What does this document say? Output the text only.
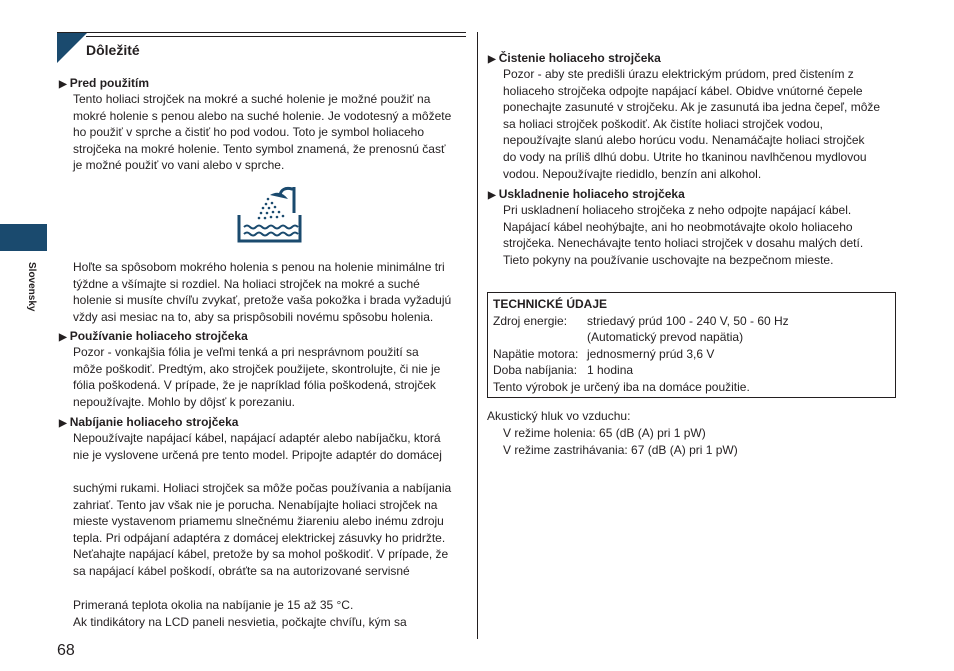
Slovensky
Dôležité
▶ Pred použitím
Tento holiaci strojček na mokré a suché holenie je možné použiť na
mokré holenie s penou alebo na suché holenie. Je vodotesný a môžete
ho použiť v sprche a čistiť ho pod vodou. Toto je symbol holiaceho
strojčeka na mokré holenie. Tento symbol znamená, že prenosnú časť
je možné použiť vo vani alebo v sprche.
Hoľte sa spôsobom mokrého holenia s penou na holenie minimálne tri
týždne a všímajte si rozdiel. Na holiaci strojček na mokré a suché
holenie si musíte chvíľu zvykať, pretože vaša pokožka i brada vyžadujú
vždy asi mesiac na to, aby sa prispôsobili novému spôsobu holenia.
▶ Používanie holiaceho strojčeka
Pozor - vonkajšia fólia je veľmi tenká a pri nesprávnom použití sa
môže poškodiť. Predtým, ako strojček použijete, skontrolujte, či nie je
fólia poškodená. V prípade, že je napríklad fólia poškodená, strojček
nepoužívajte. Mohlo by dôjsť k porezaniu.
▶ Nabíjanie holiaceho strojčeka
Nepoužívajte napájací kábel, napájací adaptér alebo nabíjačku, ktorá
nie je vyslovene určená pre tento model. Pripojte adaptér do domácej
suchými rukami. Holiaci strojček sa môže počas používania a nabíjania
zahriať. Tento jav však nie je porucha. Nenabíjajte holiaci strojček na
mieste vystavenom priamemu slnečnému žiareniu alebo inému zdroju
tepla. Pri odpájaní adaptéra z domácej elektrickej zásuvky ho pridržte.
Neťahajte napájací kábel, pretože by sa mohol poškodiť. V prípade, že
sa napájací kábel poškodí, obráťte sa na autorizované servisné
Primeraná teplota okolia na nabíjanie je 15 až 35 °C.
Ak tindikátory na LCD paneli nesvietia, počkajte chvíľu, kým sa
68
▶ Čistenie holiaceho strojčeka
Pozor - aby ste predišli úrazu elektrickým prúdom, pred čistením z
holiaceho strojčeka odpojte napájací kábel. Obidve vnútorné čepele
ponechajte zasunuté v strojčeku. Ak je zasunutá iba jedna čepeľ, môže
sa holiaci strojček poškodiť. Ak čistíte holiaci strojček vodou,
nepoužívajte slanú alebo horúcu vodu. Nenamáčajte holiaci strojček
do vody na príliš dlhú dobu. Utrite ho tkaninou navlhčenou mydlovou
vodou. Nepoužívajte riedidlo, benzín ani alkohol.
▶ Uskladnenie holiaceho strojčeka
Pri uskladnení holiaceho strojčeka z neho odpojte napájací kábel.
Napájací kábel neohýbajte, ani ho neobmotávajte okolo holiaceho
strojčeka. Nenechávajte tento holiaci strojček v dosahu malých detí.
Tieto pokyny na používanie uschovajte na bezpečnom mieste.
TECHNICKÉ ÚDAJE
Zdroj energie: striedavý prúd 100 - 240 V, 50 - 60 Hz
(Automatický prevod napätia)
Napätie motora: jednosmerný prúd 3,6 V
Doba nabíjania: 1 hodina
Tento výrobok je určený iba na domáce použitie.
Akustický hluk vo vzduchu:
V režime holenia: 65 (dB (A) pri 1 pW)
V režime zastrihávania: 67 (dB (A) pri 1 pW)
